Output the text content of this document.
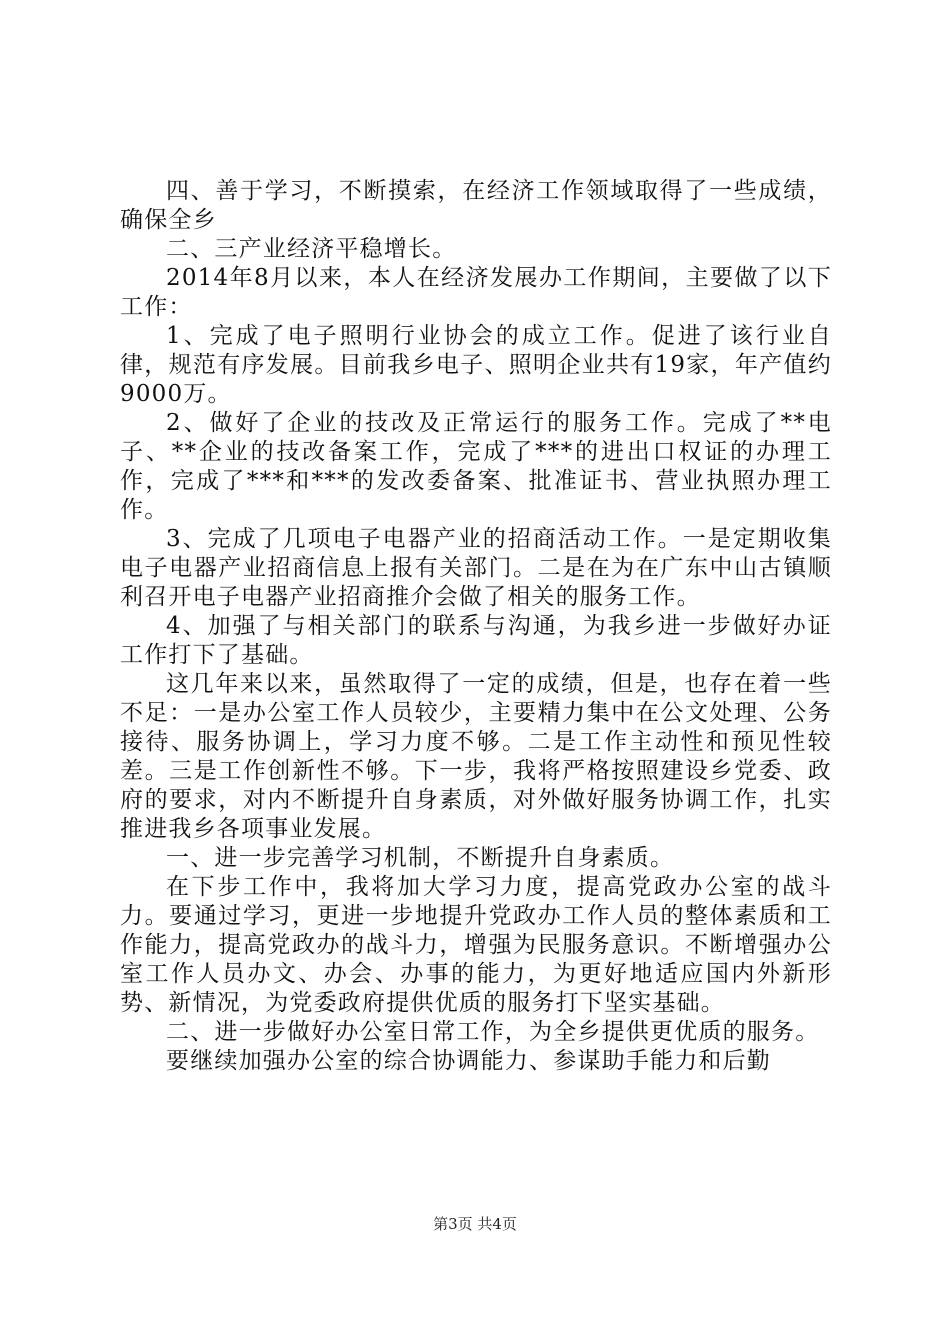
四、善于学习，不断摸索，在经济工作领域取得了一些成绩，确保全乡

二、三产业经济平稳增长。

2014年8月以来，本人在经济发展办工作期间，主要做了以下工作：

1、完成了电子照明行业协会的成立工作。促进了该行业自律，规范有序发展。目前我乡电子、照明企业共有19家，年产值约9000万。

2、做好了企业的技改及正常运行的服务工作。完成了**电子、**企业的技改备案工作，完成了***的进出口权证的办理工作，完成了***和***的发改委备案、批准证书、营业执照办理工作。

3、完成了几项电子电器产业的招商活动工作。一是定期收集电子电器产业招商信息上报有关部门。二是在为在广东中山古镇顺利召开电子电器产业招商推介会做了相关的服务工作。

4、加强了与相关部门的联系与沟通，为我乡进一步做好办证工作打下了基础。

这几年来以来，虽然取得了一定的成绩，但是，也存在着一些不足：一是办公室工作人员较少，主要精力集中在公文处理、公务接待、服务协调上，学习力度不够。二是工作主动性和预见性较差。三是工作创新性不够。下一步，我将严格按照建设乡党委、政府的要求，对内不断提升自身素质，对外做好服务协调工作，扎实推进我乡各项事业发展。

一、进一步完善学习机制，不断提升自身素质。

在下步工作中，我将加大学习力度，提高党政办公室的战斗力。要通过学习，更进一步地提升党政办工作人员的整体素质和工作能力，提高党政办的战斗力，增强为民服务意识。不断增强办公室工作人员办文、办会、办事的能力，为更好地适应国内外新形势、新情况，为党委政府提供优质的服务打下坚实基础。

二、进一步做好办公室日常工作，为全乡提供更优质的服务。

要继续加强办公室的综合协调能力、参谋助手能力和后勤

第3页 共4页
